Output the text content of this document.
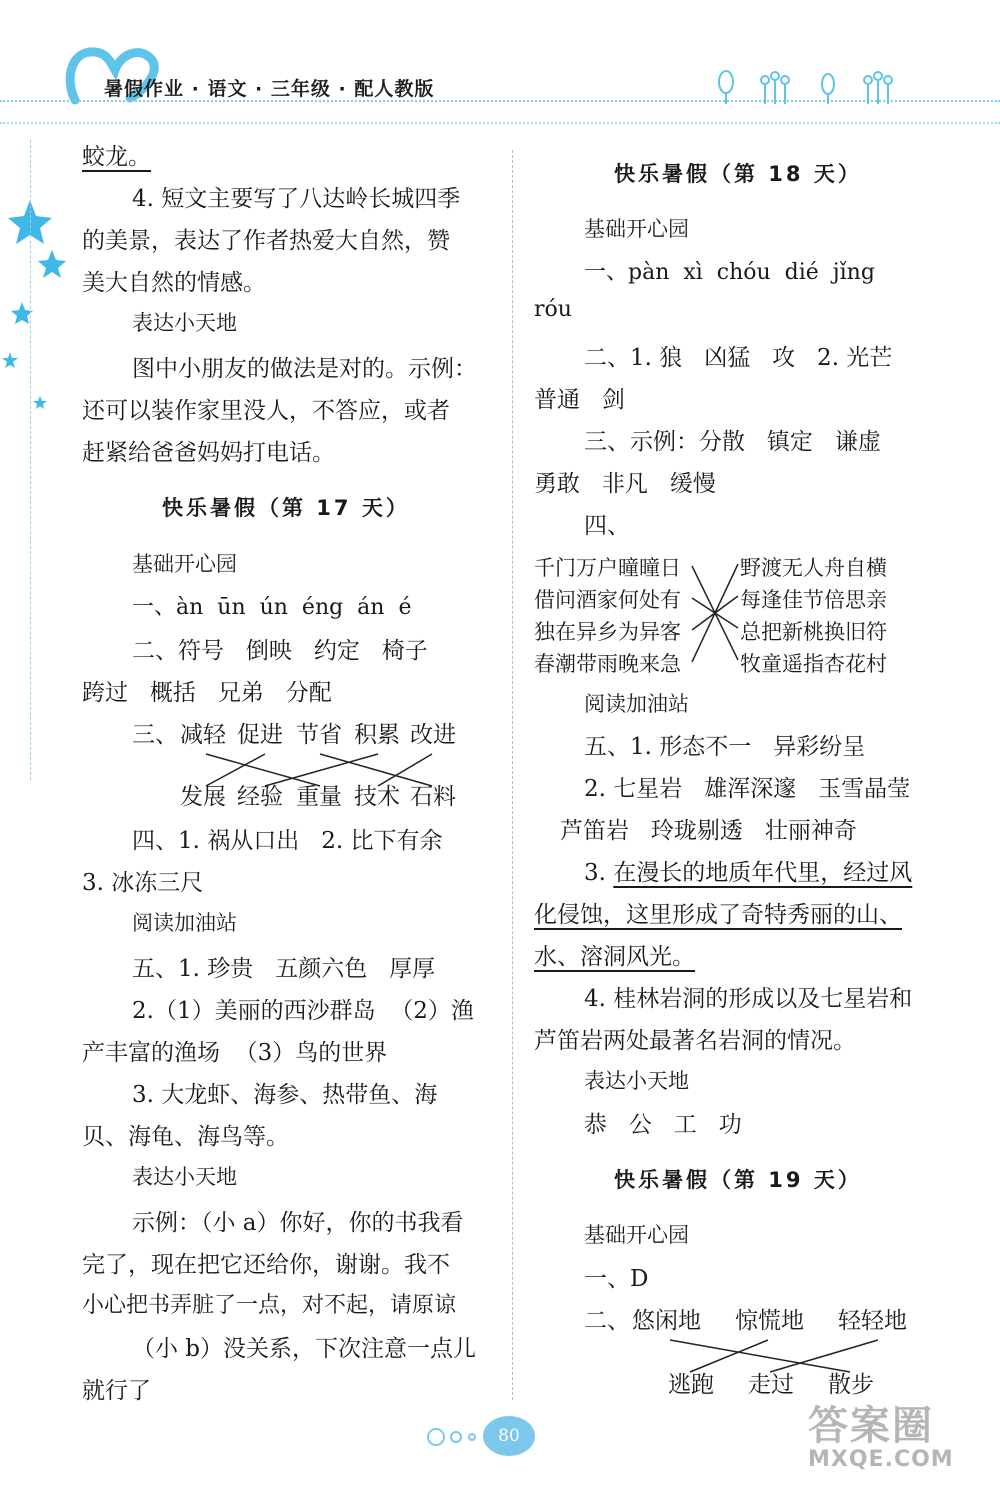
暑假作业 · 语文 · 三年级 · 配人教版
蛟龙。
4. 短文主要写了八达岭长城四季
的美景，表达了作者热爱大自然，赞
美大自然的情感。
表达小天地
图中小朋友的做法是对的。示例：
还可以装作家里没人，不答应，或者
赶紧给爸爸妈妈打电话。
快乐暑假（第 17 天）
基础开心园
一、àn  ūn  ún  éng  án  é
二、符号   倒映   约定   椅子
跨过   概括   兄弟   分配
三、 减轻 促进 节省 积累 改进
发展 经验 重量 技术 石料
四、1. 祸从口出   2. 比下有余
3. 冰冻三尺
阅读加油站
五、1. 珍贵   五颜六色   厚厚
2.（1）美丽的西沙群岛  （2）渔
产丰富的渔场  （3）鸟的世界
3. 大龙虾、海参、热带鱼、海
贝、海龟、海鸟等。
表达小天地
示例：（小 a）你好，你的书我看
完了，现在把它还给你，谢谢。我不
小心把书弄脏了一点，对不起，请原谅
（小 b）没关系，下次注意一点儿
就行了
快乐暑假（第 18 天）
基础开心园
一、pàn  xì  chóu  dié  jǐng
róu
二、1. 狼   凶猛   攻   2. 光芒
普通   剑
三、示例：分散   镇定   谦虚
勇敢   非凡   缓慢
四、
千门万户曈曈日
借问酒家何处有
独在异乡为异客
春潮带雨晚来急
野渡无人舟自横
每逢佳节倍思亲
总把新桃换旧符
牧童遥指杏花村
阅读加油站
五、1. 形态不一   异彩纷呈
2. 七星岩   雄浑深邃   玉雪晶莹
芦笛岩   玲珑剔透   壮丽神奇
3. 在漫长的地质年代里，经过风
化侵蚀，这里形成了奇特秀丽的山、
水、溶洞风光。
4. 桂林岩洞的形成以及七星岩和
芦笛岩两处最著名岩洞的情况。
表达小天地
恭   公   工   功
快乐暑假（第 19 天）
基础开心园
一、D
二、 悠闲地 惊慌地 轻轻地
逃跑 走过 散步
80	答案圈
MXQE.COM
